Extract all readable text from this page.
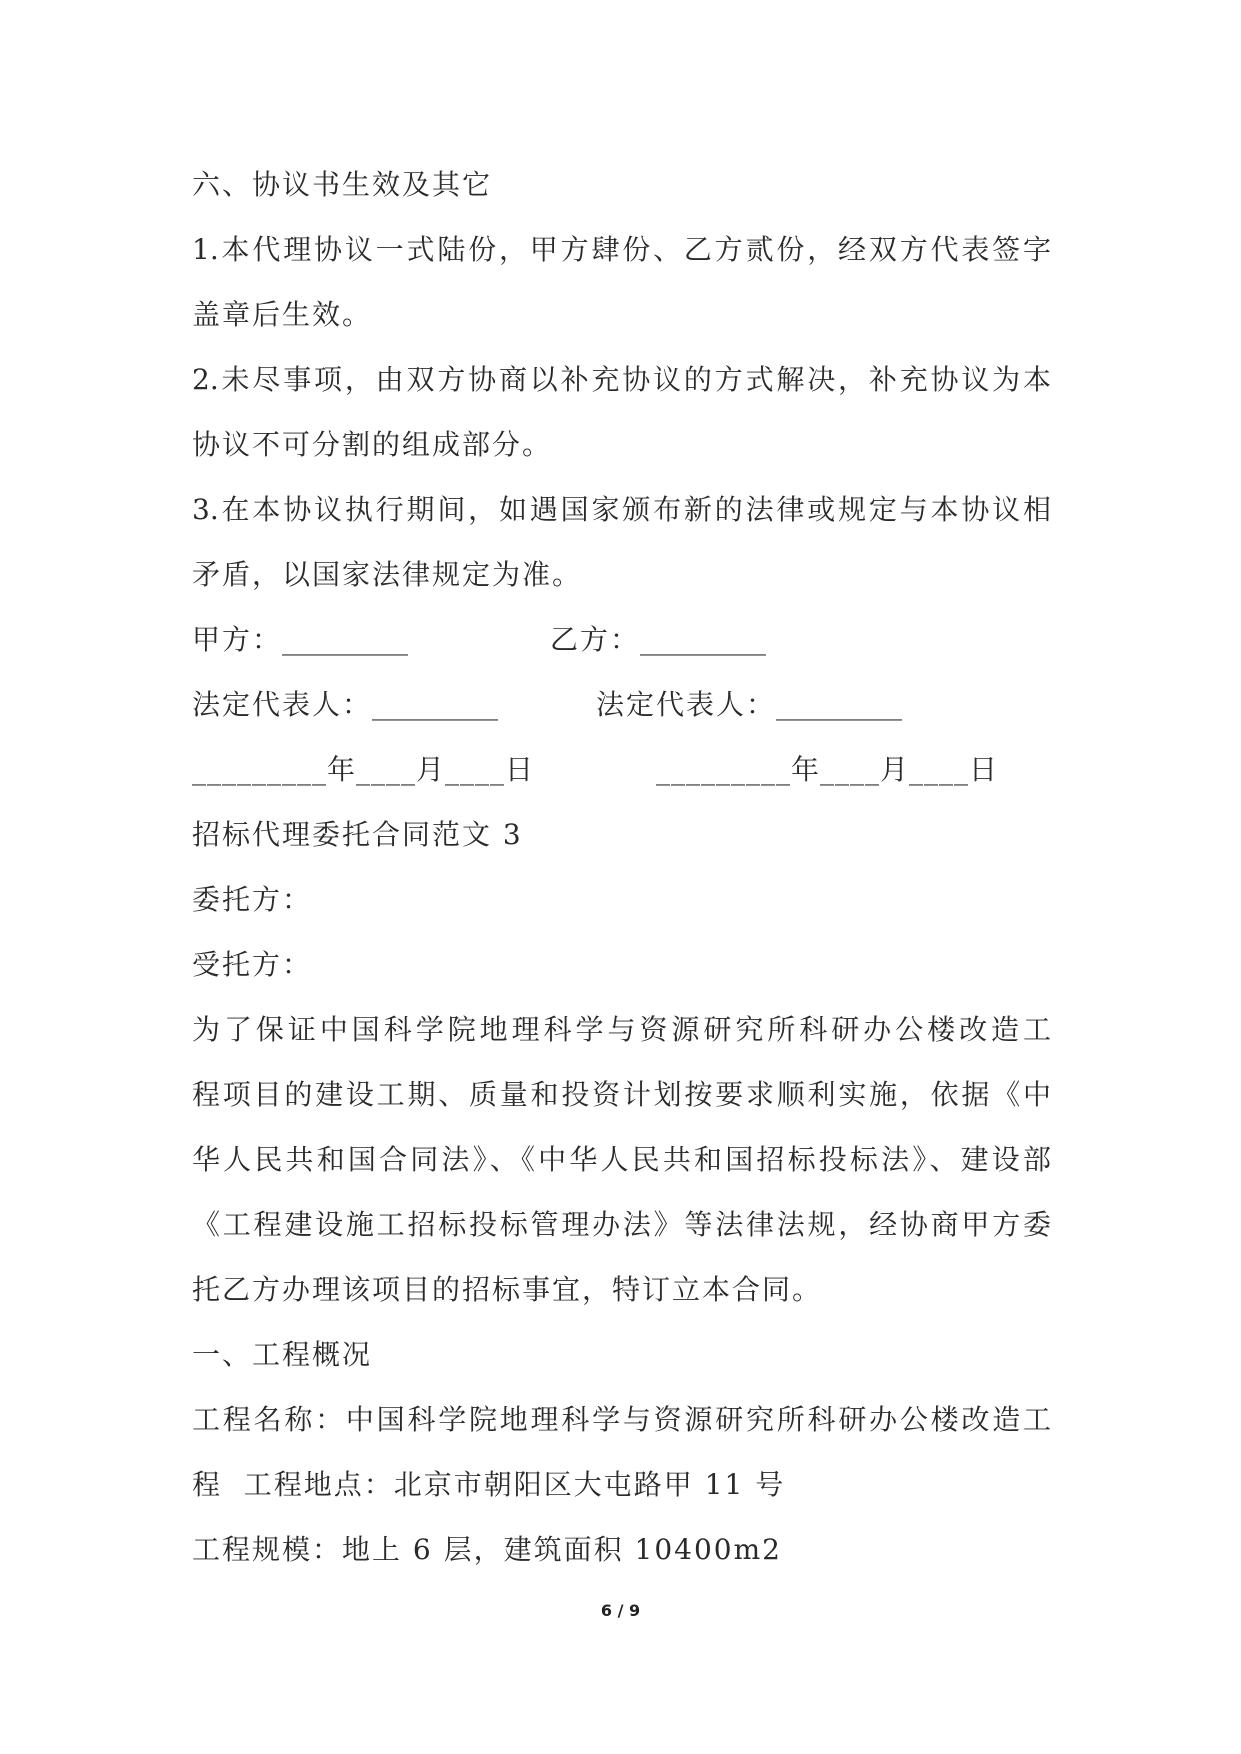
六、协议书生效及其它
1.本代理协议一式陆份，甲方肆份、乙方贰份，经双方代表签字
盖章后生效。
2.未尽事项，由双方协商以补充协议的方式解决，补充协议为本
协议不可分割的组成部分。
3.在本协议执行期间，如遇国家颁布新的法律或规定与本协议相
矛盾，以国家法律规定为准。

甲方：_________

	乙方：_________

法定代表人：_________

	法定代表人：_________

_________年____月____日

	_________年____月____日

招标代理委托合同范文 3
委托方：
受托方：
为了保证中国科学院地理科学与资源研究所科研办公楼改造工
程项目的建设工期、质量和投资计划按要求顺利实施，依据《中
华人民共和国合同法》、《中华人民共和国招标投标法》、建设部
《工程建设施工招标投标管理办法》等法律法规，经协商甲方委
托乙方办理该项目的招标事宜，特订立本合同。
一、工程概况
工程名称：中国科学院地理科学与资源研究所科研办公楼改造工
程  工程地点：北京市朝阳区大屯路甲 11 号
工程规模：地上 6 层，建筑面积 10400m2
6 / 9
